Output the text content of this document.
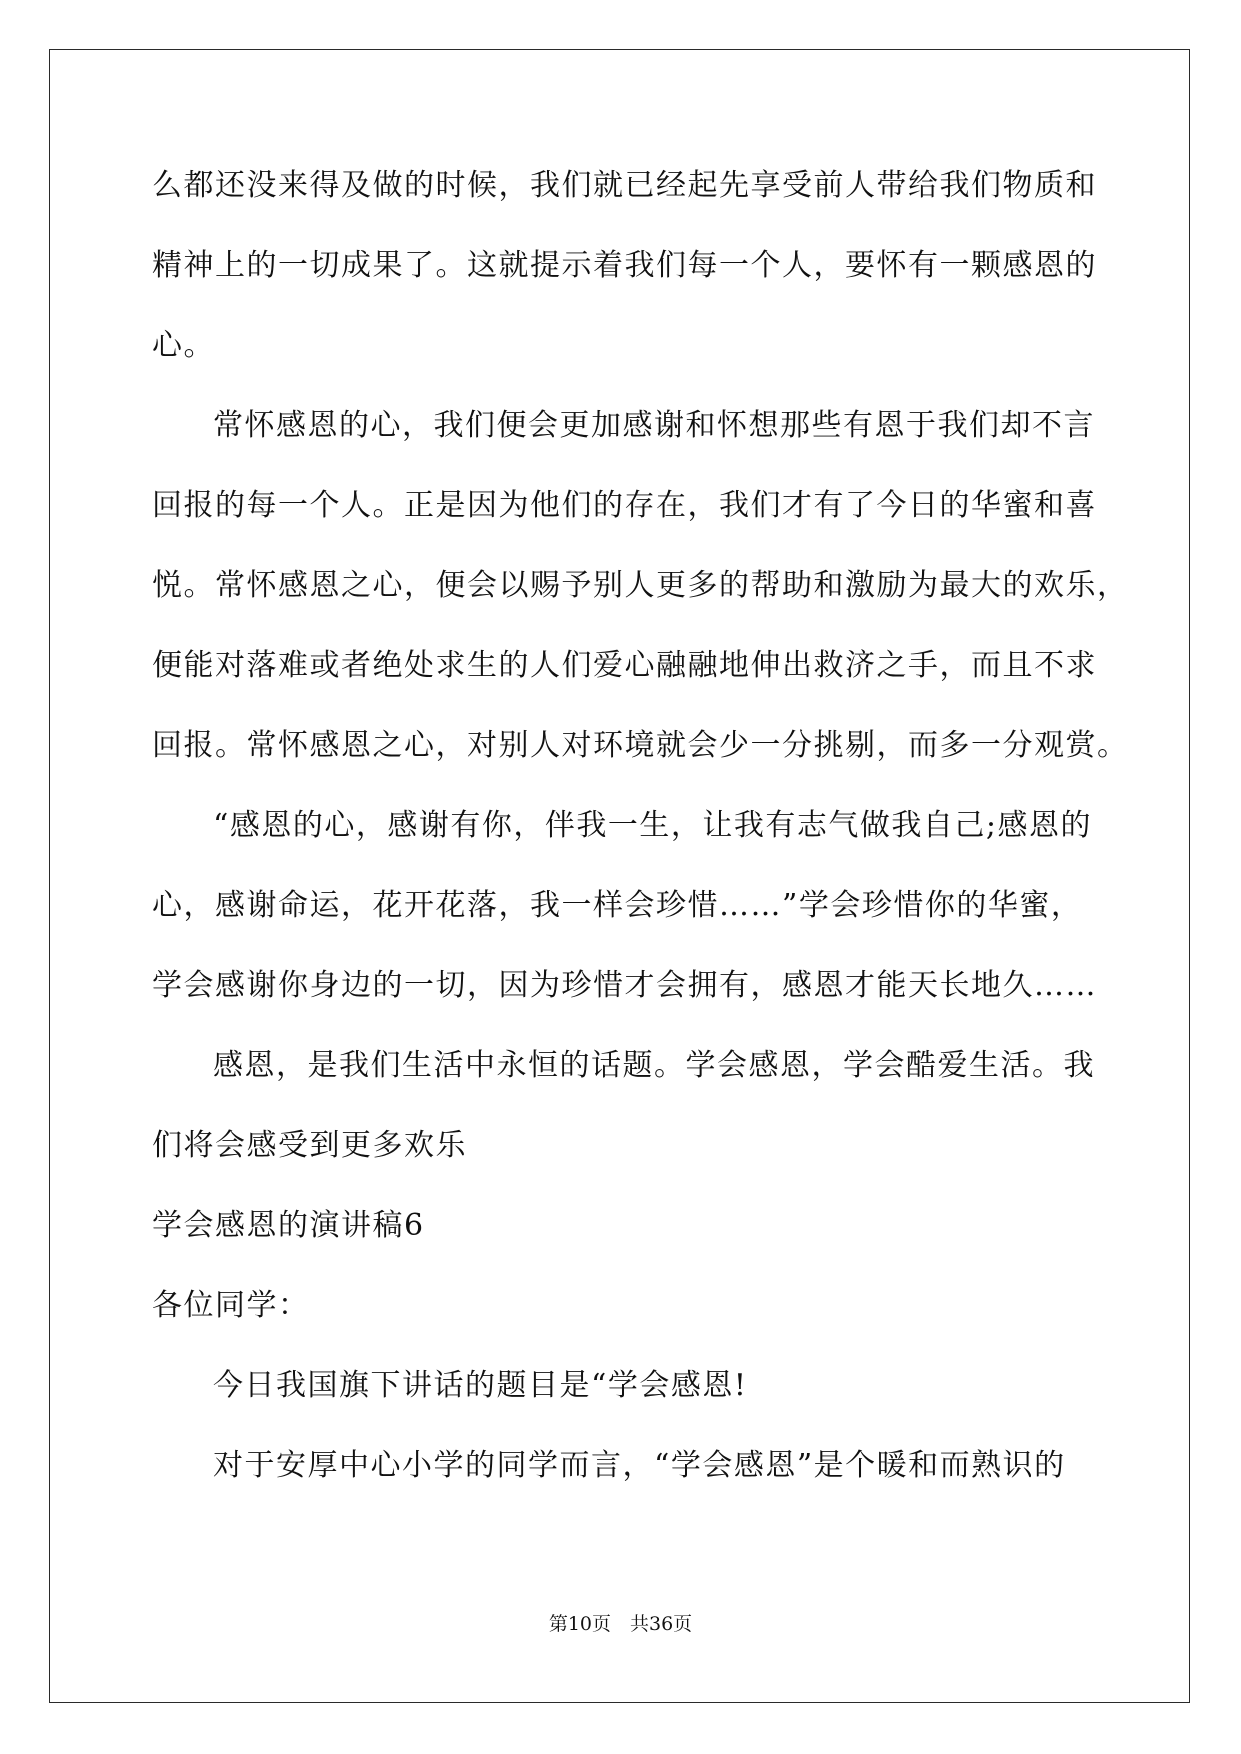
么都还没来得及做的时候，我们就已经起先享受前人带给我们物质和
精神上的一切成果了。这就提示着我们每一个人，要怀有一颗感恩的
心。
常怀感恩的心，我们便会更加感谢和怀想那些有恩于我们却不言
回报的每一个人。正是因为他们的存在，我们才有了今日的华蜜和喜
悦。常怀感恩之心，便会以赐予别人更多的帮助和激励为最大的欢乐，
便能对落难或者绝处求生的人们爱心融融地伸出救济之手，而且不求
回报。常怀感恩之心，对别人对环境就会少一分挑剔，而多一分观赏。
“感恩的心，感谢有你，伴我一生，让我有志气做我自己;感恩的
心，感谢命运，花开花落，我一样会珍惜……”学会珍惜你的华蜜，
学会感谢你身边的一切，因为珍惜才会拥有，感恩才能天长地久……
感恩，是我们生活中永恒的话题。学会感恩，学会酷爱生活。我
们将会感受到更多欢乐
学会感恩的演讲稿6
各位同学：
今日我国旗下讲话的题目是“学会感恩!
对于安厚中心小学的同学而言，“学会感恩”是个暖和而熟识的
第10页　共36页
